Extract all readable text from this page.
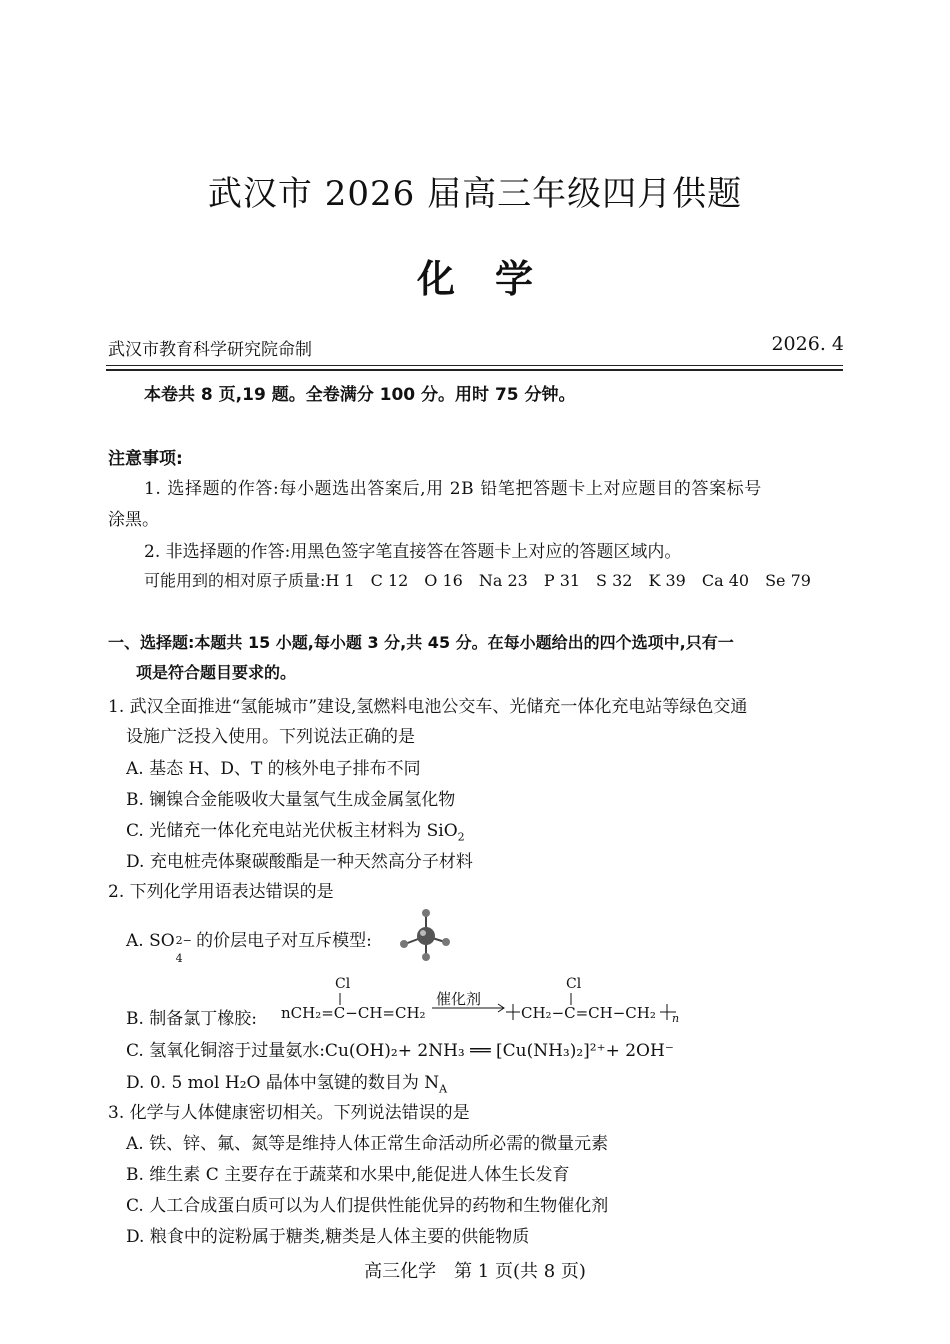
武汉市 2026 届高三年级四月供题
化学
武汉市教育科学研究院命制	2026. 4
本卷共 8 页,19 题。全卷满分 100 分。用时 75 分钟。
注意事项:
1. 选择题的作答:每小题选出答案后,用 2B 铅笔把答题卡上对应题目的答案标号
涂黑。
2. 非选择题的作答:用黑色签字笔直接答在答题卡上对应的答题区域内。
可能用到的相对原子质量:H 1　C 12　O 16　Na 23　P 31　S 32　K 39　Ca 40　Se 79
一、选择题:本题共 15 小题,每小题 3 分,共 45 分。在每小题给出的四个选项中,只有一
项是符合题目要求的。
1. 武汉全面推进“氢能城市”建设,氢燃料电池公交车、光储充一体化充电站等绿色交通
设施广泛投入使用。下列说法正确的是
A. 基态 H、D、T 的核外电子排布不同
B. 镧镍合金能吸收大量氢气生成金属氢化物
C. 光储充一体化充电站光伏板主材料为 SiO$_2$
D. 充电桩壳体聚碳酸酯是一种天然高分子材料
2. 下列化学用语表达错误的是
A. SO 2−
4
的价层电子对互斥模型:
B. 制备氯丁橡胶: nCH₂=C−CH=CH₂
Cl
催化剂
CH₂−C=CH−CH₂
Cl
n
C. 氢氧化铜溶于过量氨水:Cu(OH)₂+ 2NH₃ ══ [Cu(NH₃)₂]²⁺+ 2OH⁻
D. 0. 5 mol H₂O 晶体中氢键的数目为 $N_A$
3. 化学与人体健康密切相关。下列说法错误的是
A. 铁、锌、氟、氮等是维持人体正常生命活动所必需的微量元素
B. 维生素 C 主要存在于蔬菜和水果中,能促进人体生长发育
C. 人工合成蛋白质可以为人们提供性能优异的药物和生物催化剂
D. 粮食中的淀粉属于糖类,糖类是人体主要的供能物质
高三化学　第 1 页(共 8 页)
